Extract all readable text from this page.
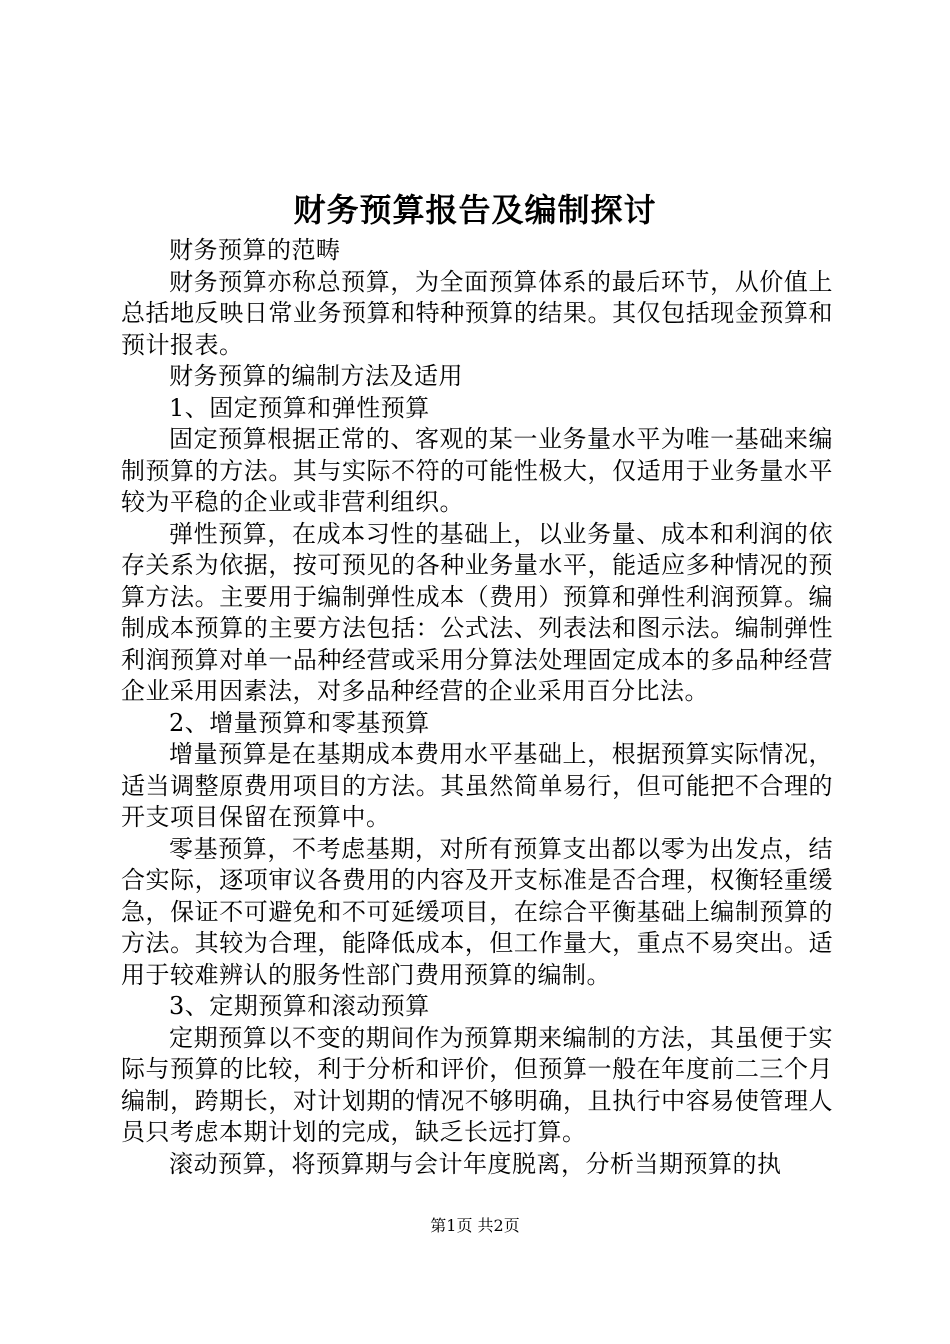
财务预算报告及编制探讨

财务预算的范畴

财务预算亦称总预算，为全面预算体系的最后环节，从价值上总括地反映日常业务预算和特种预算的结果。其仅包括现金预算和预计报表。

财务预算的编制方法及适用

1、固定预算和弹性预算

固定预算根据正常的、客观的某一业务量水平为唯一基础来编制预算的方法。其与实际不符的可能性极大，仅适用于业务量水平较为平稳的企业或非营利组织。

弹性预算，在成本习性的基础上，以业务量、成本和利润的依存关系为依据，按可预见的各种业务量水平，能适应多种情况的预算方法。主要用于编制弹性成本（费用）预算和弹性利润预算。编制成本预算的主要方法包括：公式法、列表法和图示法。编制弹性利润预算对单一品种经营或采用分算法处理固定成本的多品种经营企业采用因素法，对多品种经营的企业采用百分比法。

2、增量预算和零基预算

增量预算是在基期成本费用水平基础上，根据预算实际情况，适当调整原费用项目的方法。其虽然简单易行，但可能把不合理的开支项目保留在预算中。

零基预算，不考虑基期，对所有预算支出都以零为出发点，结合实际，逐项审议各费用的内容及开支标准是否合理，权衡轻重缓急，保证不可避免和不可延缓项目，在综合平衡基础上编制预算的方法。其较为合理，能降低成本，但工作量大，重点不易突出。适用于较难辨认的服务性部门费用预算的编制。

3、定期预算和滚动预算

定期预算以不变的期间作为预算期来编制的方法，其虽便于实际与预算的比较，利于分析和评价，但预算一般在年度前二三个月编制，跨期长，对计划期的情况不够明确，且执行中容易使管理人员只考虑本期计划的完成，缺乏长远打算。

滚动预算，将预算期与会计年度脱离，分析当期预算的执

第1页 共2页
